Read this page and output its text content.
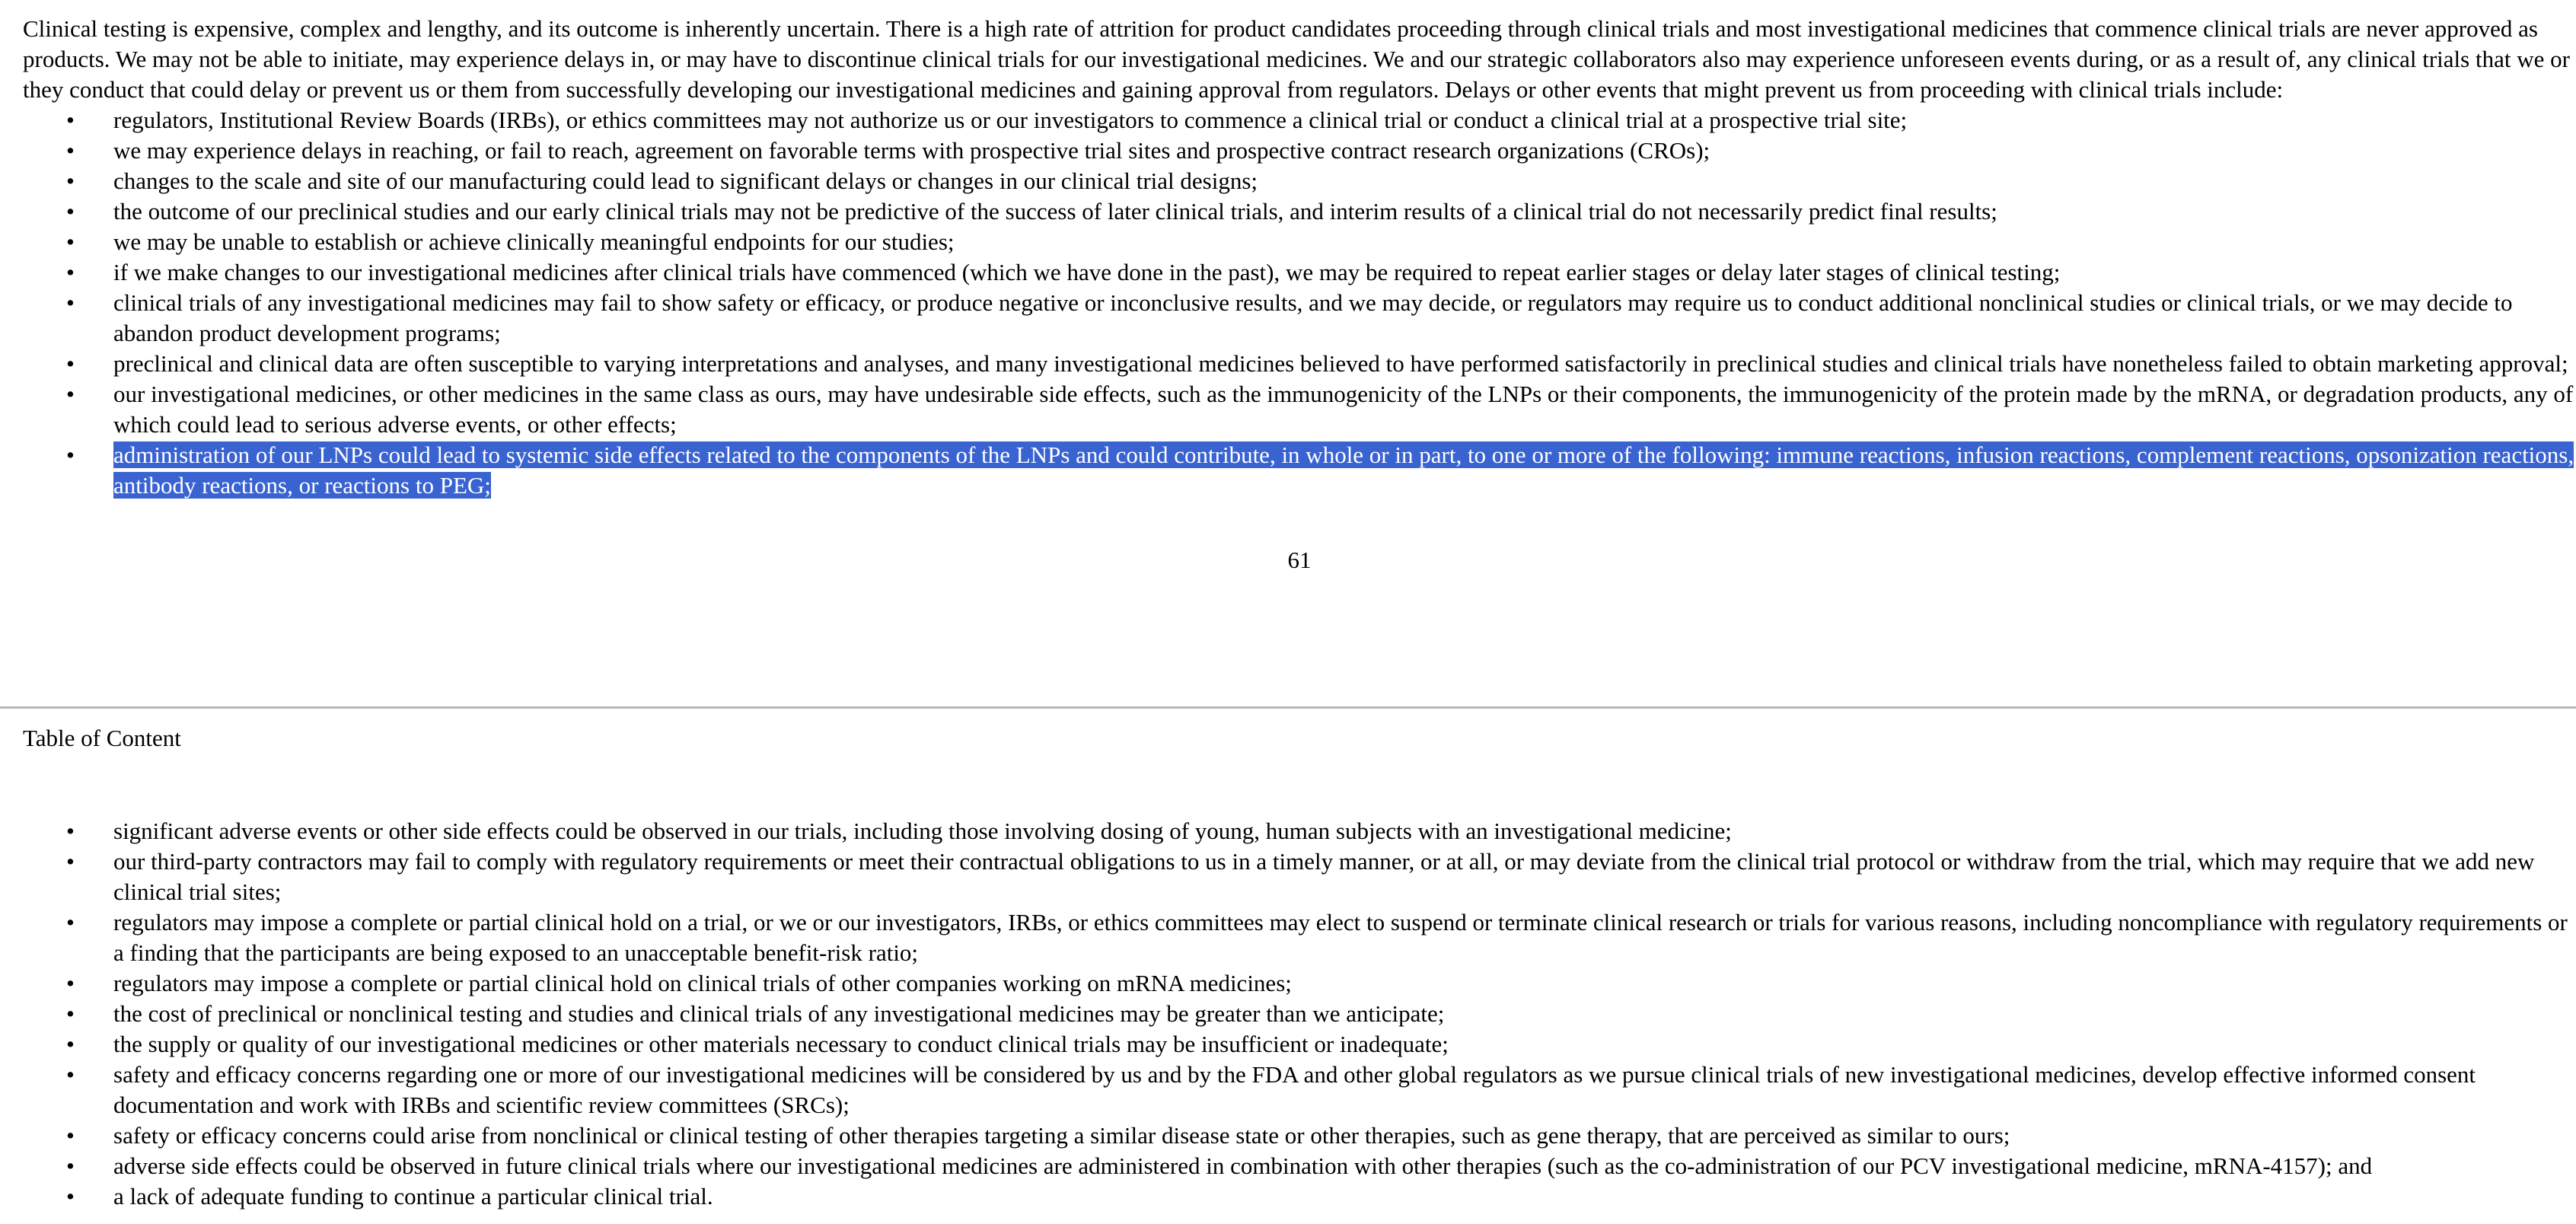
Clinical testing is expensive, complex and lengthy, and its outcome is inherently uncertain. There is a high rate of attrition for product candidates proceeding through clinical trials and most investigational medicines that commence clinical trials are never approved as products. We may not be able to initiate, may experience delays in, or may have to discontinue clinical trials for our investigational medicines. We and our strategic collaborators also may experience unforeseen events during, or as a result of, any clinical trials that we or they conduct that could delay or prevent us or them from successfully developing our investigational medicines and gaining approval from regulators. Delays or other events that might prevent us from proceeding with clinical trials include:

• regulators, Institutional Review Boards (IRBs), or ethics committees may not authorize us or our investigators to commence a clinical trial or conduct a clinical trial at a prospective trial site;
• we may experience delays in reaching, or fail to reach, agreement on favorable terms with prospective trial sites and prospective contract research organizations (CROs);
• changes to the scale and site of our manufacturing could lead to significant delays or changes in our clinical trial designs;
• the outcome of our preclinical studies and our early clinical trials may not be predictive of the success of later clinical trials, and interim results of a clinical trial do not necessarily predict final results;
• we may be unable to establish or achieve clinically meaningful endpoints for our studies;
• if we make changes to our investigational medicines after clinical trials have commenced (which we have done in the past), we may be required to repeat earlier stages or delay later stages of clinical testing;
• clinical trials of any investigational medicines may fail to show safety or efficacy, or produce negative or inconclusive results, and we may decide, or regulators may require us to conduct additional nonclinical studies or clinical trials, or we may decide to abandon product development programs;
• preclinical and clinical data are often susceptible to varying interpretations and analyses, and many investigational medicines believed to have performed satisfactorily in preclinical studies and clinical trials have nonetheless failed to obtain marketing approval;
• our investigational medicines, or other medicines in the same class as ours, may have undesirable side effects, such as the immunogenicity of the LNPs or their components, the immunogenicity of the protein made by the mRNA, or degradation products, any of which could lead to serious adverse events, or other effects;
• administration of our LNPs could lead to systemic side effects related to the components of the LNPs and could contribute, in whole or in part, to one or more of the following: immune reactions, infusion reactions, complement reactions, opsonization reactions, antibody reactions, or reactions to PEG;
61
Table of Content
• significant adverse events or other side effects could be observed in our trials, including those involving dosing of young, human subjects with an investigational medicine;
• our third-party contractors may fail to comply with regulatory requirements or meet their contractual obligations to us in a timely manner, or at all, or may deviate from the clinical trial protocol or withdraw from the trial, which may require that we add new clinical trial sites;
• regulators may impose a complete or partial clinical hold on a trial, or we or our investigators, IRBs, or ethics committees may elect to suspend or terminate clinical research or trials for various reasons, including noncompliance with regulatory requirements or a finding that the participants are being exposed to an unacceptable benefit-risk ratio;
• regulators may impose a complete or partial clinical hold on clinical trials of other companies working on mRNA medicines;
• the cost of preclinical or nonclinical testing and studies and clinical trials of any investigational medicines may be greater than we anticipate;
• the supply or quality of our investigational medicines or other materials necessary to conduct clinical trials may be insufficient or inadequate;
• safety and efficacy concerns regarding one or more of our investigational medicines will be considered by us and by the FDA and other global regulators as we pursue clinical trials of new investigational medicines, develop effective informed consent documentation and work with IRBs and scientific review committees (SRCs);
• safety or efficacy concerns could arise from nonclinical or clinical testing of other therapies targeting a similar disease state or other therapies, such as gene therapy, that are perceived as similar to ours;
• adverse side effects could be observed in future clinical trials where our investigational medicines are administered in combination with other therapies (such as the co-administration of our PCV investigational medicine, mRNA-4157); and
• a lack of adequate funding to continue a particular clinical trial.
